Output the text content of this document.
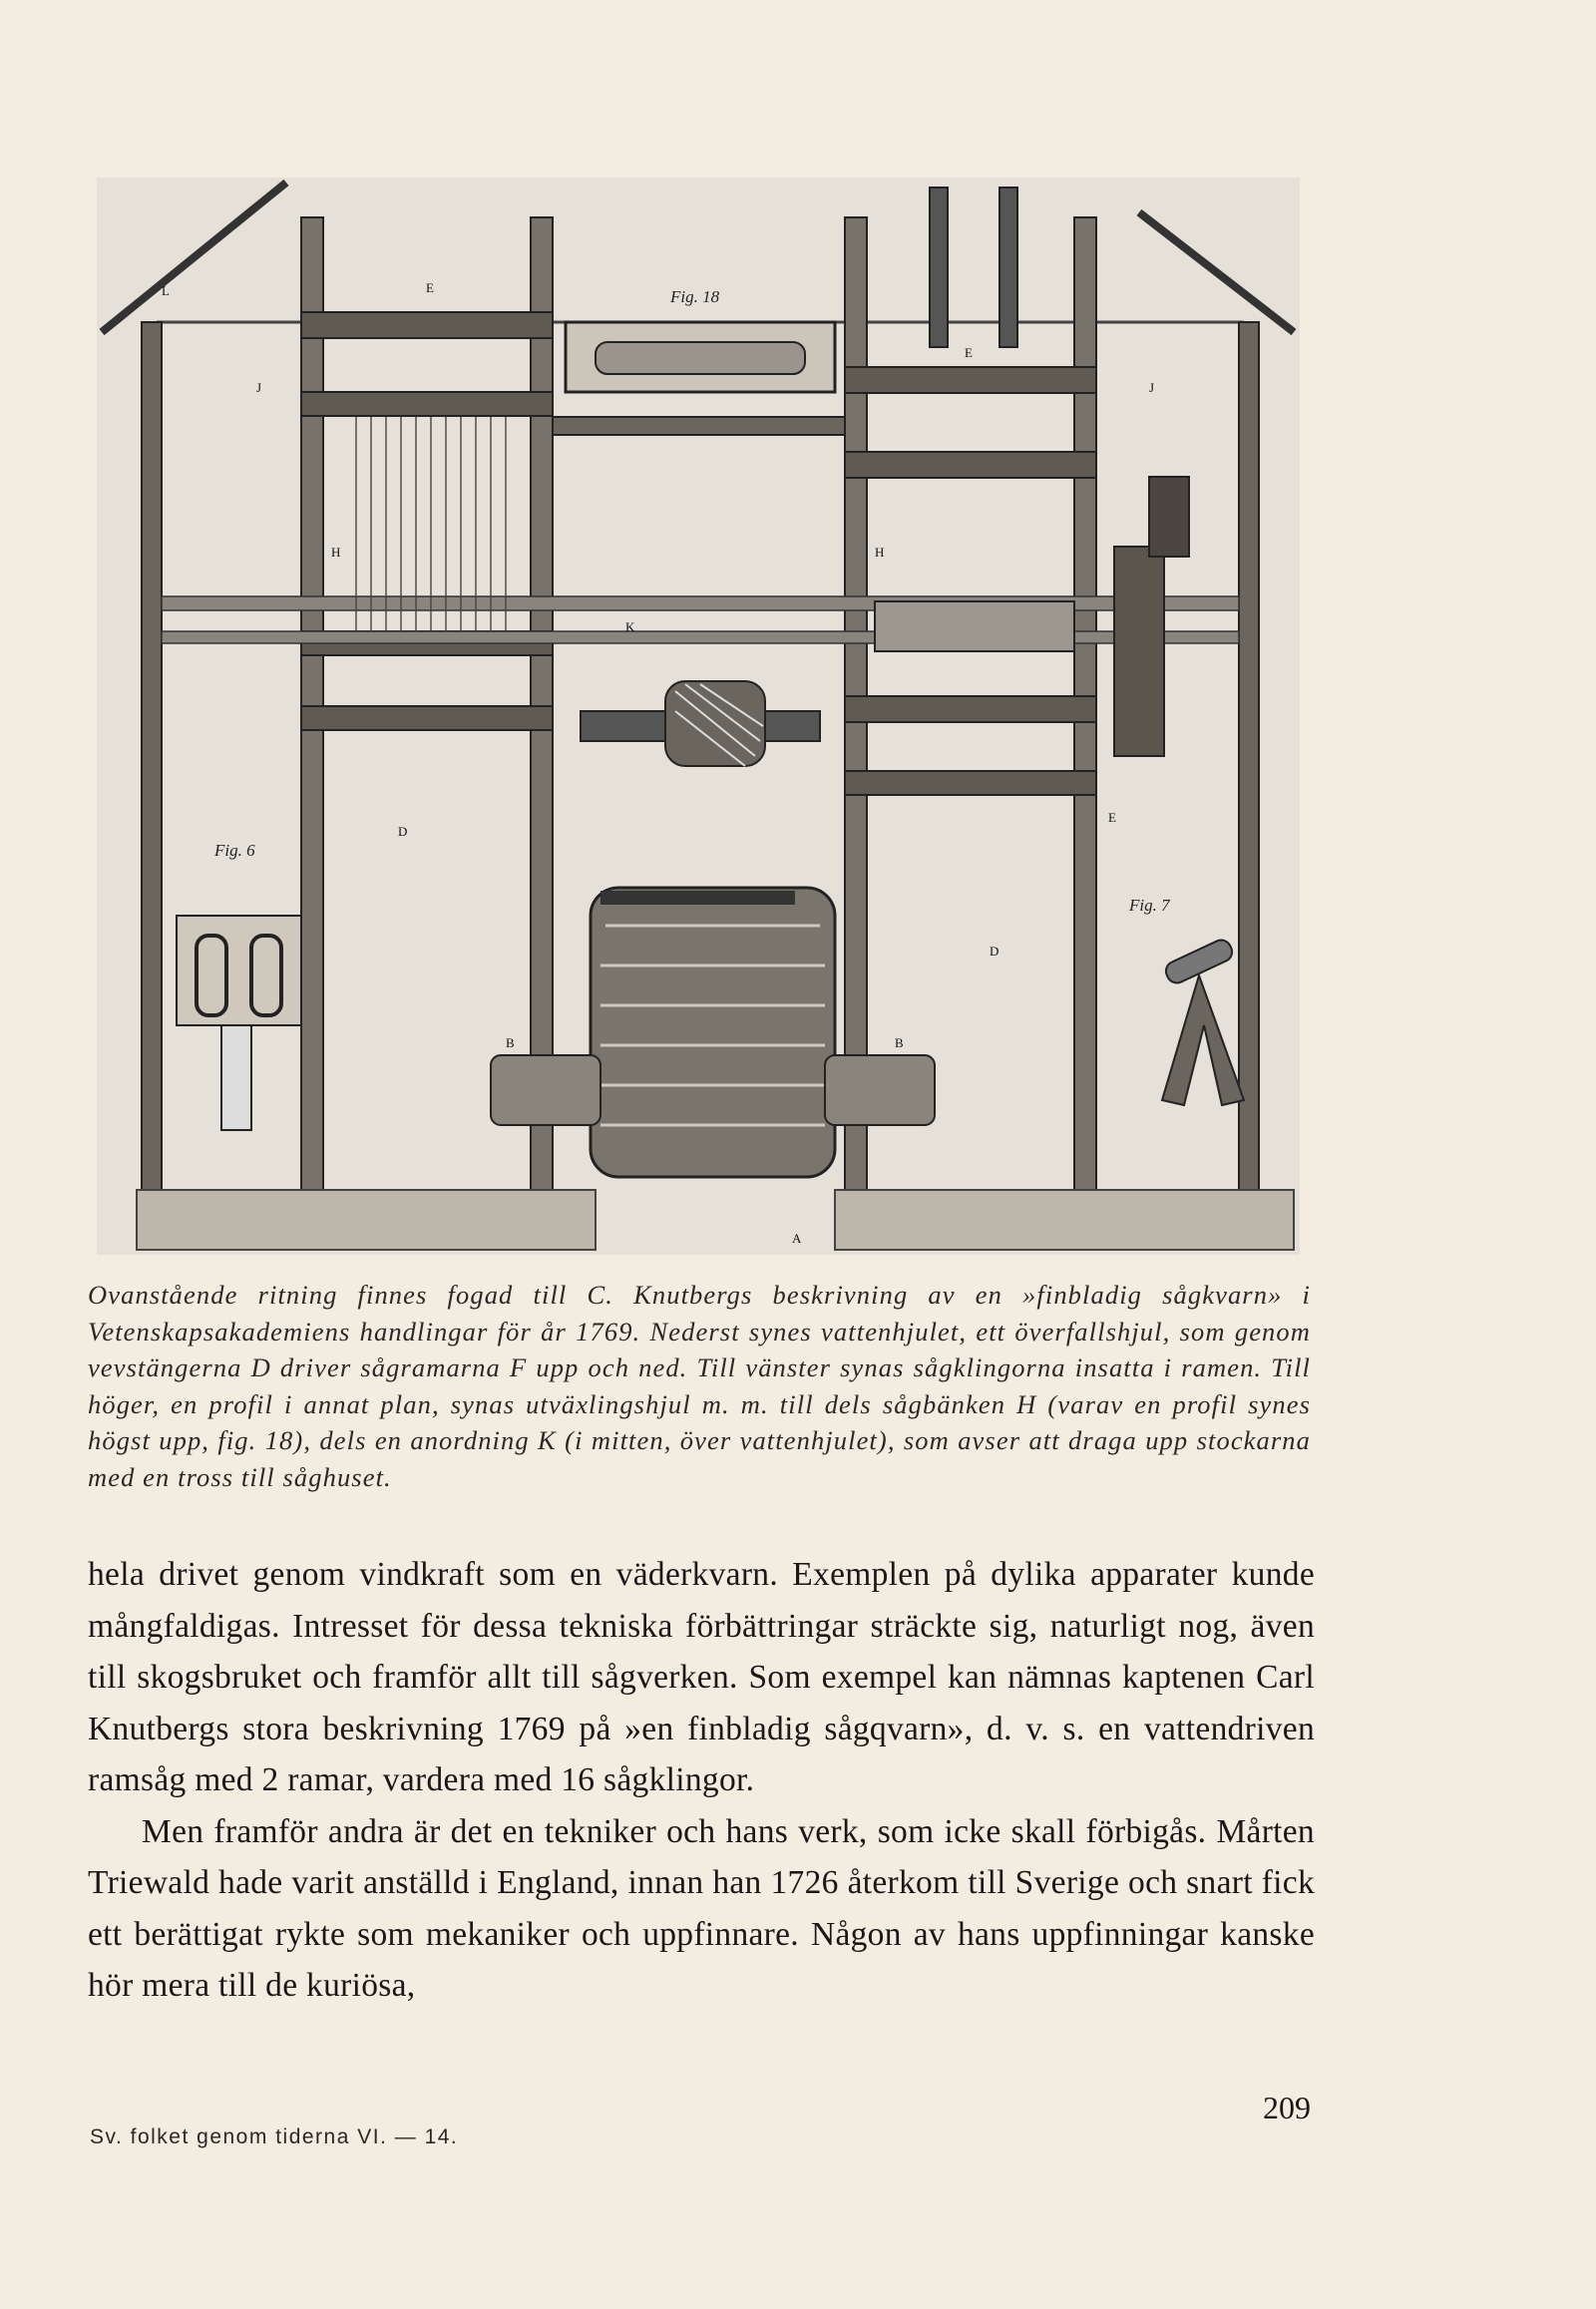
Fig. 18
Fig. 6
Fig. 7
A
B	B
D
D
E
E
E
J	J
H	H
K
L

Ovanstående ritning finnes fogad till C. Knutbergs beskrivning av en »finbladig sågkvarn» i Vetenskapsakademiens handlingar för år 1769. Nederst synes vattenhjulet, ett överfallshjul, som genom vevstängerna D driver sågramarna F upp och ned. Till vänster synas sågklingorna insatta i ramen. Till höger, en profil i annat plan, synas utväxlingshjul m. m. till dels sågbänken H (varav en profil synes högst upp, fig. 18), dels en anordning K (i mitten, över vattenhjulet), som avser att draga upp stockarna med en tross till såghuset.

hela drivet genom vindkraft som en väderkvarn. Exemplen på dylika apparater kunde mångfaldigas. Intresset för dessa tekniska förbättringar sträckte sig, naturligt nog, även till skogsbruket och framför allt till sågverken. Som exempel kan nämnas kaptenen Carl Knutbergs stora beskrivning 1769 på »en finbladig sågqvarn», d. v. s. en vattendriven ramsåg med 2 ramar, vardera med 16 sågklingor.

Men framför andra är det en tekniker och hans verk, som icke skall förbigås. Mårten Triewald hade varit anställd i England, innan han 1726 återkom till Sverige och snart fick ett berättigat rykte som mekaniker och uppfinnare. Någon av hans uppfinningar kanske hör mera till de kuriösa,

209
Sv. folket genom tiderna VI. — 14.
